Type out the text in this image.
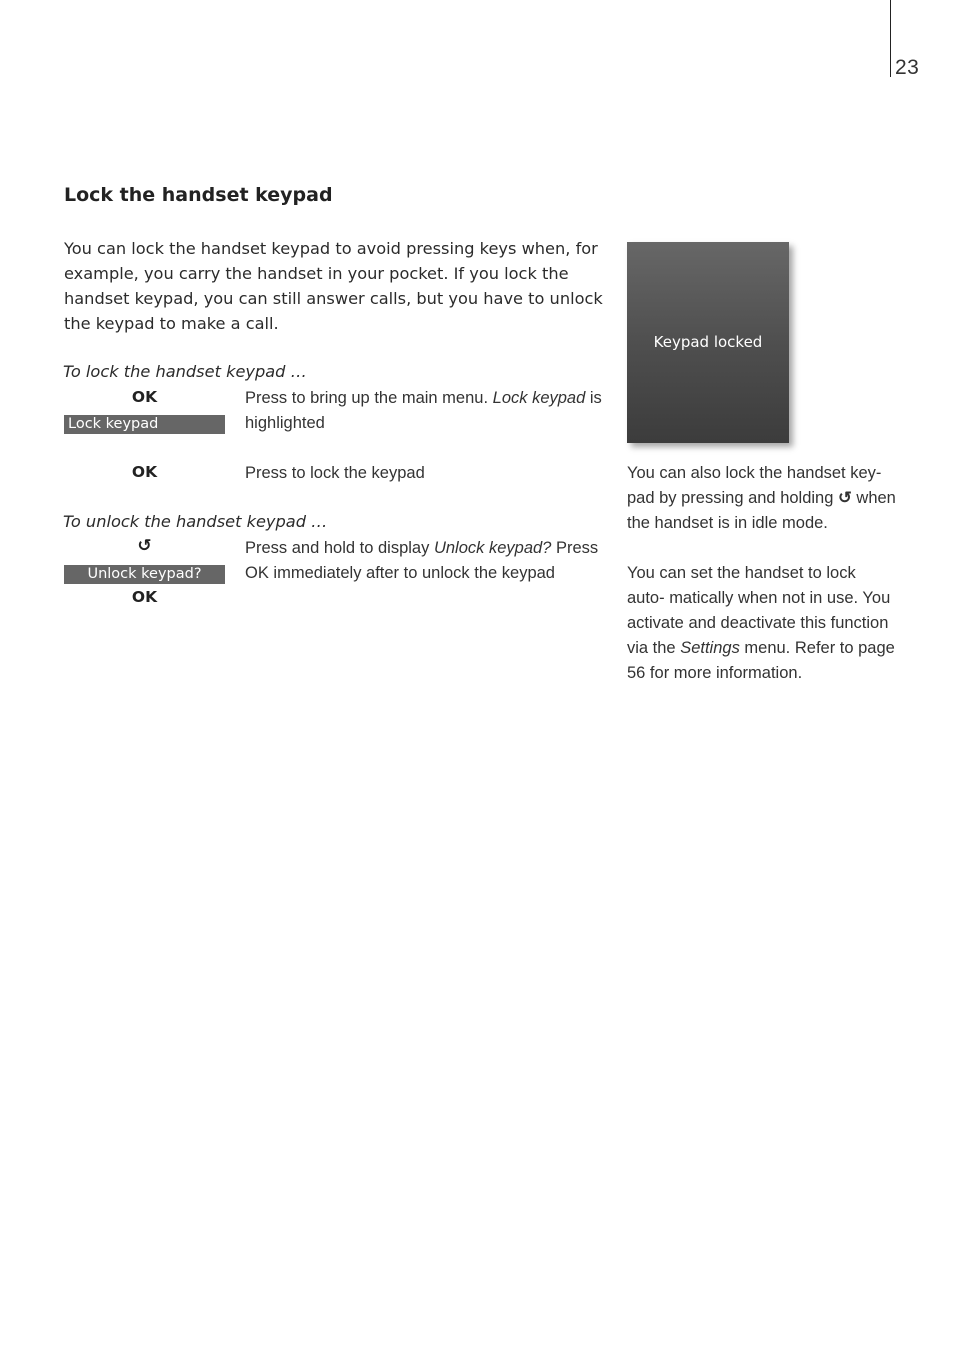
23
Lock the handset keypad

You can lock the handset keypad to avoid pressing keys when, for example, you carry the handset in your pocket. If you lock the handset keypad, you can still answer calls, but you have to unlock the keypad to make a call.

To lock the handset keypad …

OK
Lock keypad
Press to bring up the main menu. Lock keypad is highlighted
OK	Press to lock the keypad

To unlock the handset keypad …

↺
Unlock keypad?
OK
Press and hold to display Unlock keypad? Press OK immediately after to unlock the keypad
Keypad locked

You can also lock the handset key- pad by pressing and holding ↺ when the handset is in idle mode.

You can set the handset to lock auto- matically when not in use. You activate and deactivate this function via the Settings menu. Refer to page 56 for more information.
